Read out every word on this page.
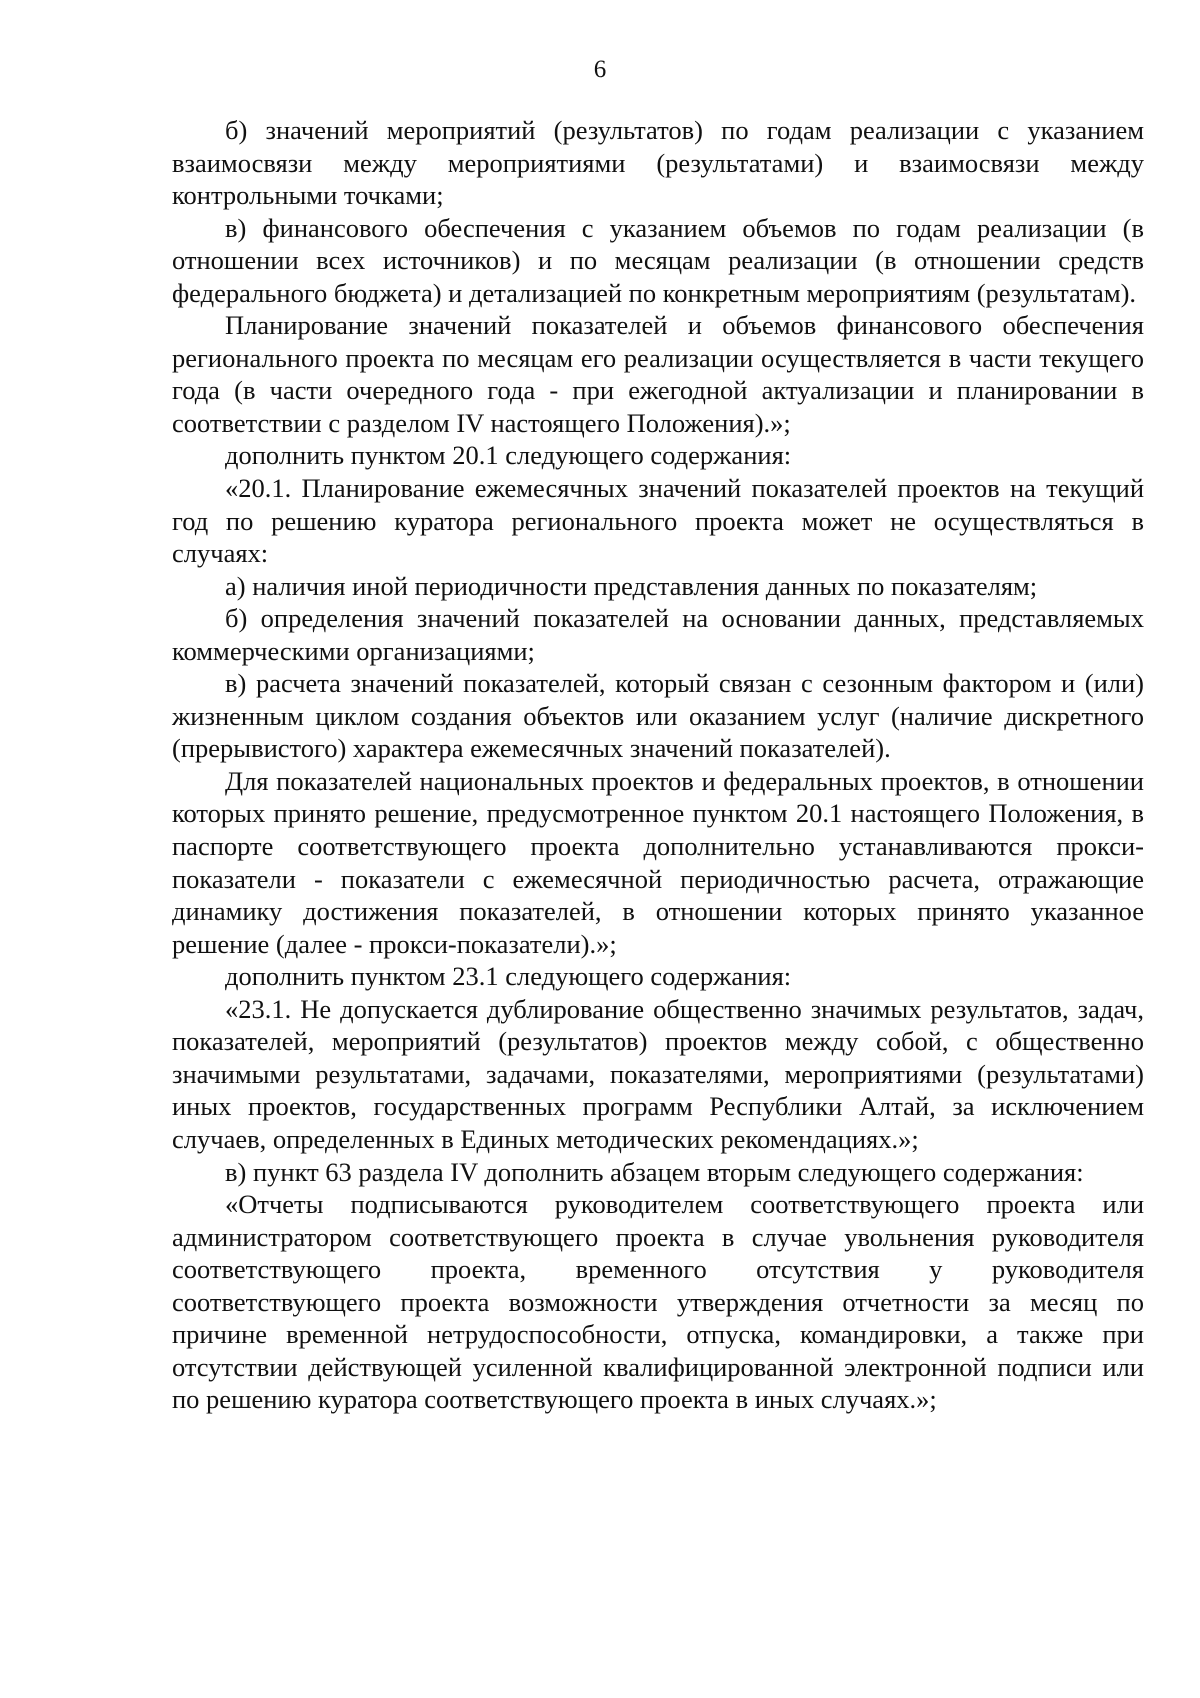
6

б) значений мероприятий (результатов) по годам реализации с указанием взаимосвязи между мероприятиями (результатами) и взаимосвязи между контрольными точками;

в) финансового обеспечения с указанием объемов по годам реализации (в отношении всех источников) и по месяцам реализации (в отношении средств федерального бюджета) и детализацией по конкретным мероприятиям (результатам).

Планирование значений показателей и объемов финансового обеспечения регионального проекта по месяцам его реализации осуществляется в части текущего года (в части очередного года - при ежегодной актуализации и планировании в соответствии с разделом IV настоящего Положения).»;

дополнить пунктом 20.1 следующего содержания:

«20.1. Планирование ежемесячных значений показателей проектов на текущий год по решению куратора регионального проекта может не осуществляться в случаях:

а) наличия иной периодичности представления данных по показателям;

б) определения значений показателей на основании данных, представляемых коммерческими организациями;

в) расчета значений показателей, который связан с сезонным фактором и (или) жизненным циклом создания объектов или оказанием услуг (наличие дискретного (прерывистого) характера ежемесячных значений показателей).

Для показателей национальных проектов и федеральных проектов, в отношении которых принято решение, предусмотренное пунктом 20.1 настоящего Положения, в паспорте соответствующего проекта дополнительно устанавливаются прокси-показатели - показатели с ежемесячной периодичностью расчета, отражающие динамику достижения показателей, в отношении которых принято указанное решение (далее - прокси-показатели).»;

дополнить пунктом 23.1 следующего содержания:

«23.1. Не допускается дублирование общественно значимых результатов, задач, показателей, мероприятий (результатов) проектов между собой, с общественно значимыми результатами, задачами, показателями, мероприятиями (результатами) иных проектов, государственных программ Республики Алтай, за исключением случаев, определенных в Единых методических рекомендациях.»;

в) пункт 63 раздела IV дополнить абзацем вторым следующего содержания:

«Отчеты подписываются руководителем соответствующего проекта или администратором соответствующего проекта в случае увольнения руководителя соответствующего проекта, временного отсутствия у руководителя соответствующего проекта возможности утверждения отчетности за месяц по причине временной нетрудоспособности, отпуска, командировки, а также при отсутствии действующей усиленной квалифицированной электронной подписи или по решению куратора соответствующего проекта в иных случаях.»;
